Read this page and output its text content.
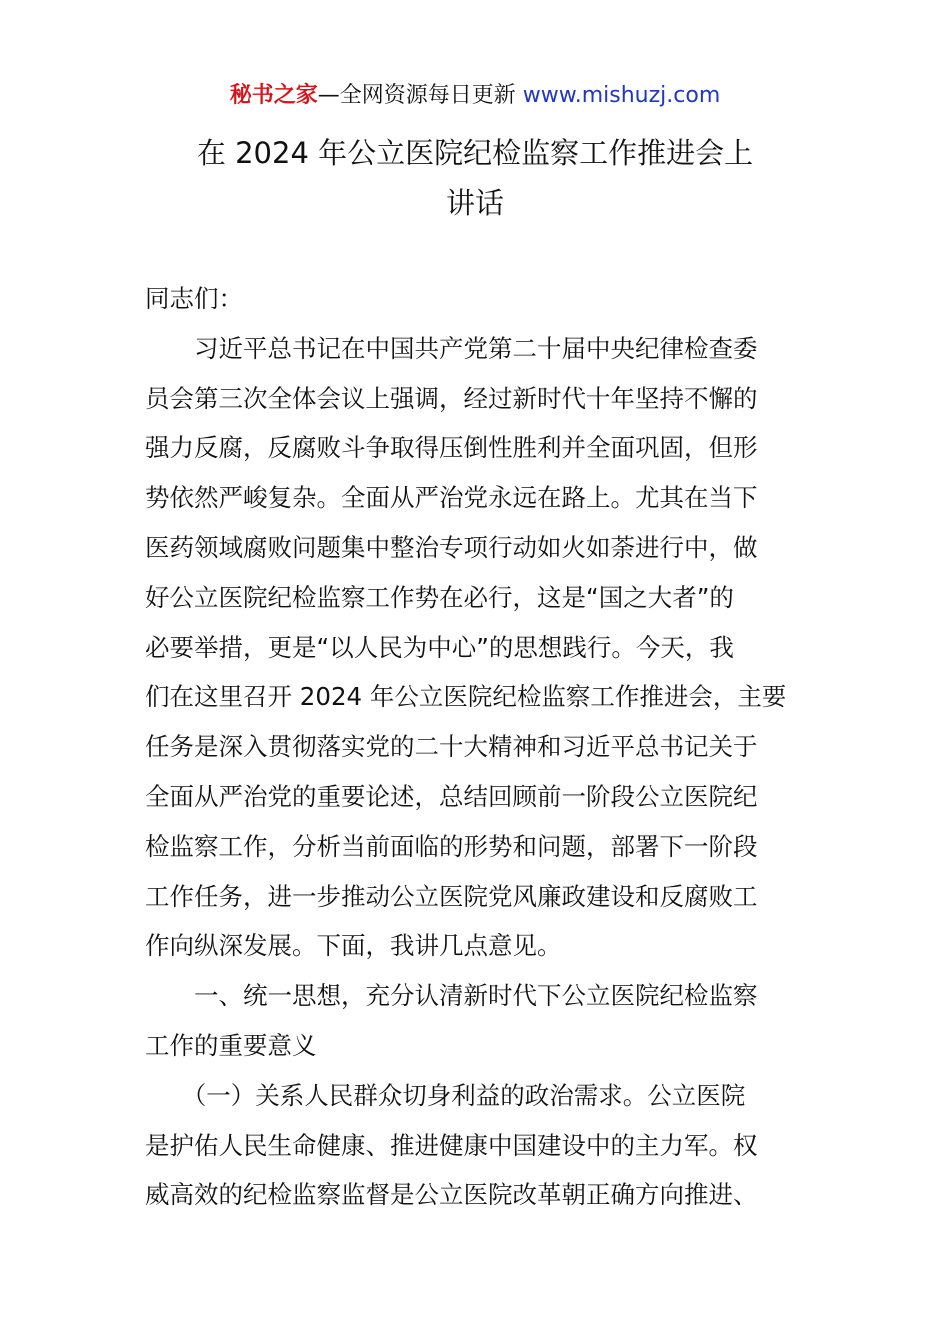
秘书之家—全网资源每日更新 www.mishuzj.com
在 2024 年公立医院纪检监察工作推进会上
讲话
同志们：
　　习近平总书记在中国共产党第二十届中央纪律检查委
员会第三次全体会议上强调，经过新时代十年坚持不懈的
强力反腐，反腐败斗争取得压倒性胜利并全面巩固，但形
势依然严峻复杂。全面从严治党永远在路上。尤其在当下
医药领域腐败问题集中整治专项行动如火如荼进行中，做
好公立医院纪检监察工作势在必行，这是“国之大者”的
必要举措，更是“以人民为中心”的思想践行。今天，我
们在这里召开 2024 年公立医院纪检监察工作推进会，主要
任务是深入贯彻落实党的二十大精神和习近平总书记关于
全面从严治党的重要论述，总结回顾前一阶段公立医院纪
检监察工作，分析当前面临的形势和问题，部署下一阶段
工作任务，进一步推动公立医院党风廉政建设和反腐败工
作向纵深发展。下面，我讲几点意见。
　　一、统一思想，充分认清新时代下公立医院纪检监察
工作的重要意义
　　（一）关系人民群众切身利益的政治需求。公立医院
是护佑人民生命健康、推进健康中国建设中的主力军。权
威高效的纪检监察监督是公立医院改革朝正确方向推进、
